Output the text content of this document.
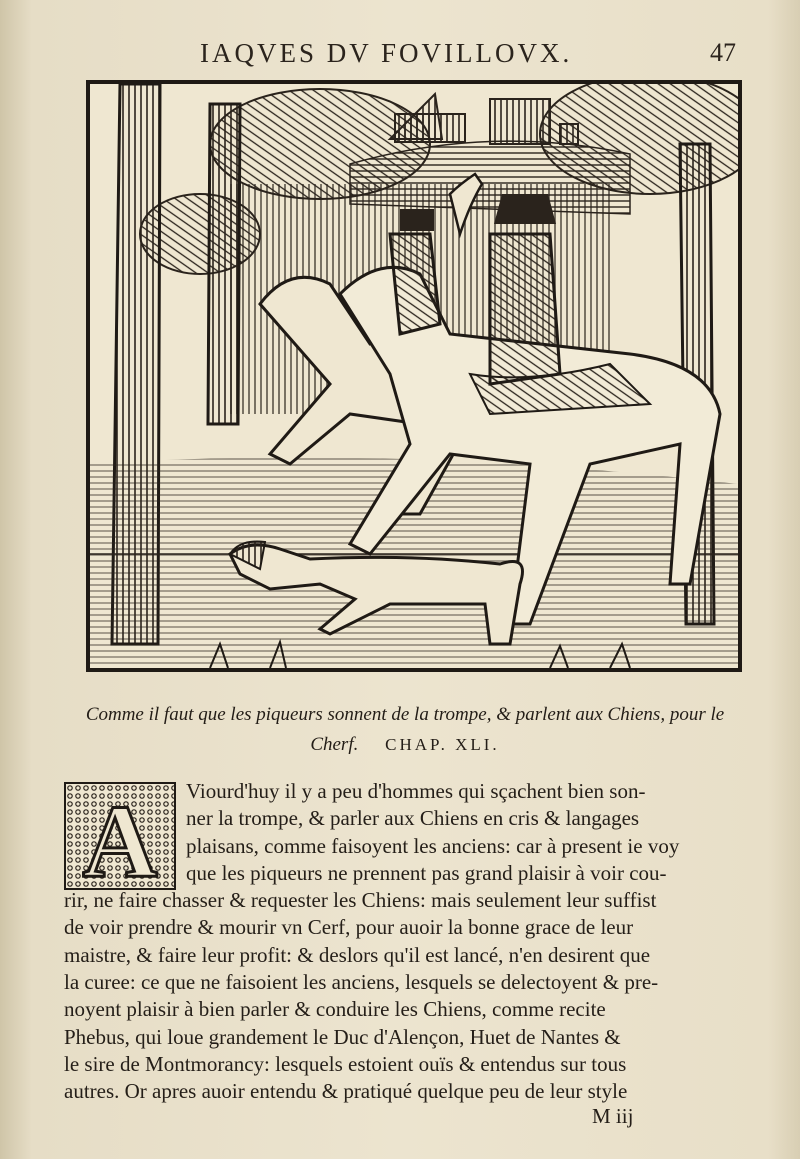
IAQVES DV FOVILLOVX.	47
Comme il faut que les piqueurs sonnent de la trompe, & parlent aux Chiens, pour le Cherf. CHAP. XLI.
A	Viourd'huy il y a peu d'hommes qui sçachent bien son-
ner la trompe, & parler aux Chiens en cris & langages
plaisans, comme faisoyent les anciens: car à present ie voy
que les piqueurs ne prennent pas grand plaisir à voir cou-
rir, ne faire chasser & requester les Chiens: mais seulement leur suffist
de voir prendre & mourir vn Cerf, pour auoir la bonne grace de leur
maistre, & faire leur profit: & deslors qu'il est lancé, n'en desirent que
la curee: ce que ne faisoient les anciens, lesquels se delectoyent & pre-
noyent plaisir à bien parler & conduire les Chiens, comme recite
Phebus, qui loue grandement le Duc d'Alençon, Huet de Nantes &
le sire de Montmorancy: lesquels estoient ouïs & entendus sur tous
autres. Or apres auoir entendu & pratiqué quelque peu de leur style
M iij
